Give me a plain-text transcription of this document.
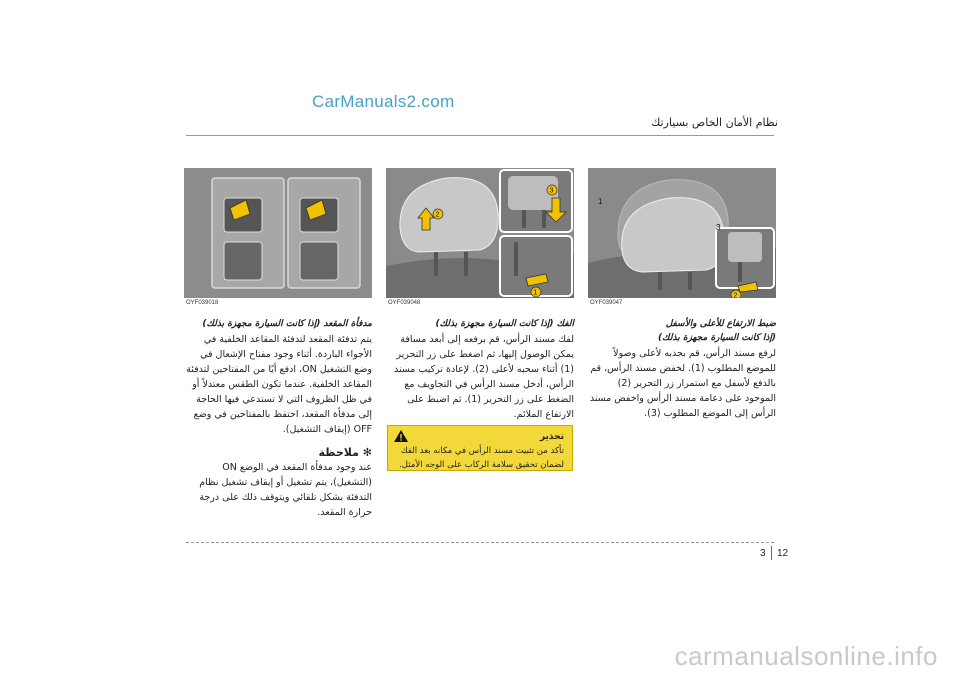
CarManuals2.com
نظام الأمان الخاص بسيارتك
1
3
2
OYF039047
2
3
1
OYF039048
OYF039018
ضبط الارتفاع للأعلى والأسفل
(إذا كانت السيارة مجهزة بذلك)

لرفع مسند الرأس، قم بجذبه لأعلى وصولاً للموضع المطلوب (1). لخفض مسند الرأس، قم بالدفع لأسفل مع استمرار زر التحرير (2) الموجود على دعامة مسند الرأس واخفض مسند الرأس إلى الموضع المطلوب (3).

الفك (إذا كانت السيارة مجهزة بذلك)

لفك مسند الرأس، قم برفعه إلى أبعد مسافة يمكن الوصول إليها، ثم اضغط على زر التحرير (1) أثناء سحبه لأعلى (2). لإعادة تركيب مسند الرأس، أدخل مسند الرأس في التجاويف مع الضغط على زر التحرير (1). ثم اضبط على الارتفاع الملائم.

تحذير
تأكد من تثبيت مسند الرأس في مكانه بعد الفك لضمان تحقيق سلامة الركاب على الوجه الأمثل.
مدفأة المقعد (إذا كانت السيارة مجهزة بذلك)

يتم تدفئة المقعد لتدفئة المقاعد الخلفية في الأجواء الباردة. أثناء وجود مفتاح الإشعال في وضع التشغيل ON، ادفع أيًا من المفتاحين لتدفئة المقاعد الخلفية. عندما تكون الطقس معتدلاً أو في ظل الظروف التي لا تستدعي فيها الحاجة إلى مدفأة المقعد، احتفظ بالمفتاحين في وضع OFF (إيقاف التشغيل).

✻ ملاحظة

عند وجود مدفأة المقعد في الوضع ON (التشغيل)، يتم تشغيل أو إيقاف تشغيل نظام التدفئة بشكل تلقائي ويتوقف ذلك على درجة حرارة المقعد.

3 12
carmanualsonline.info
